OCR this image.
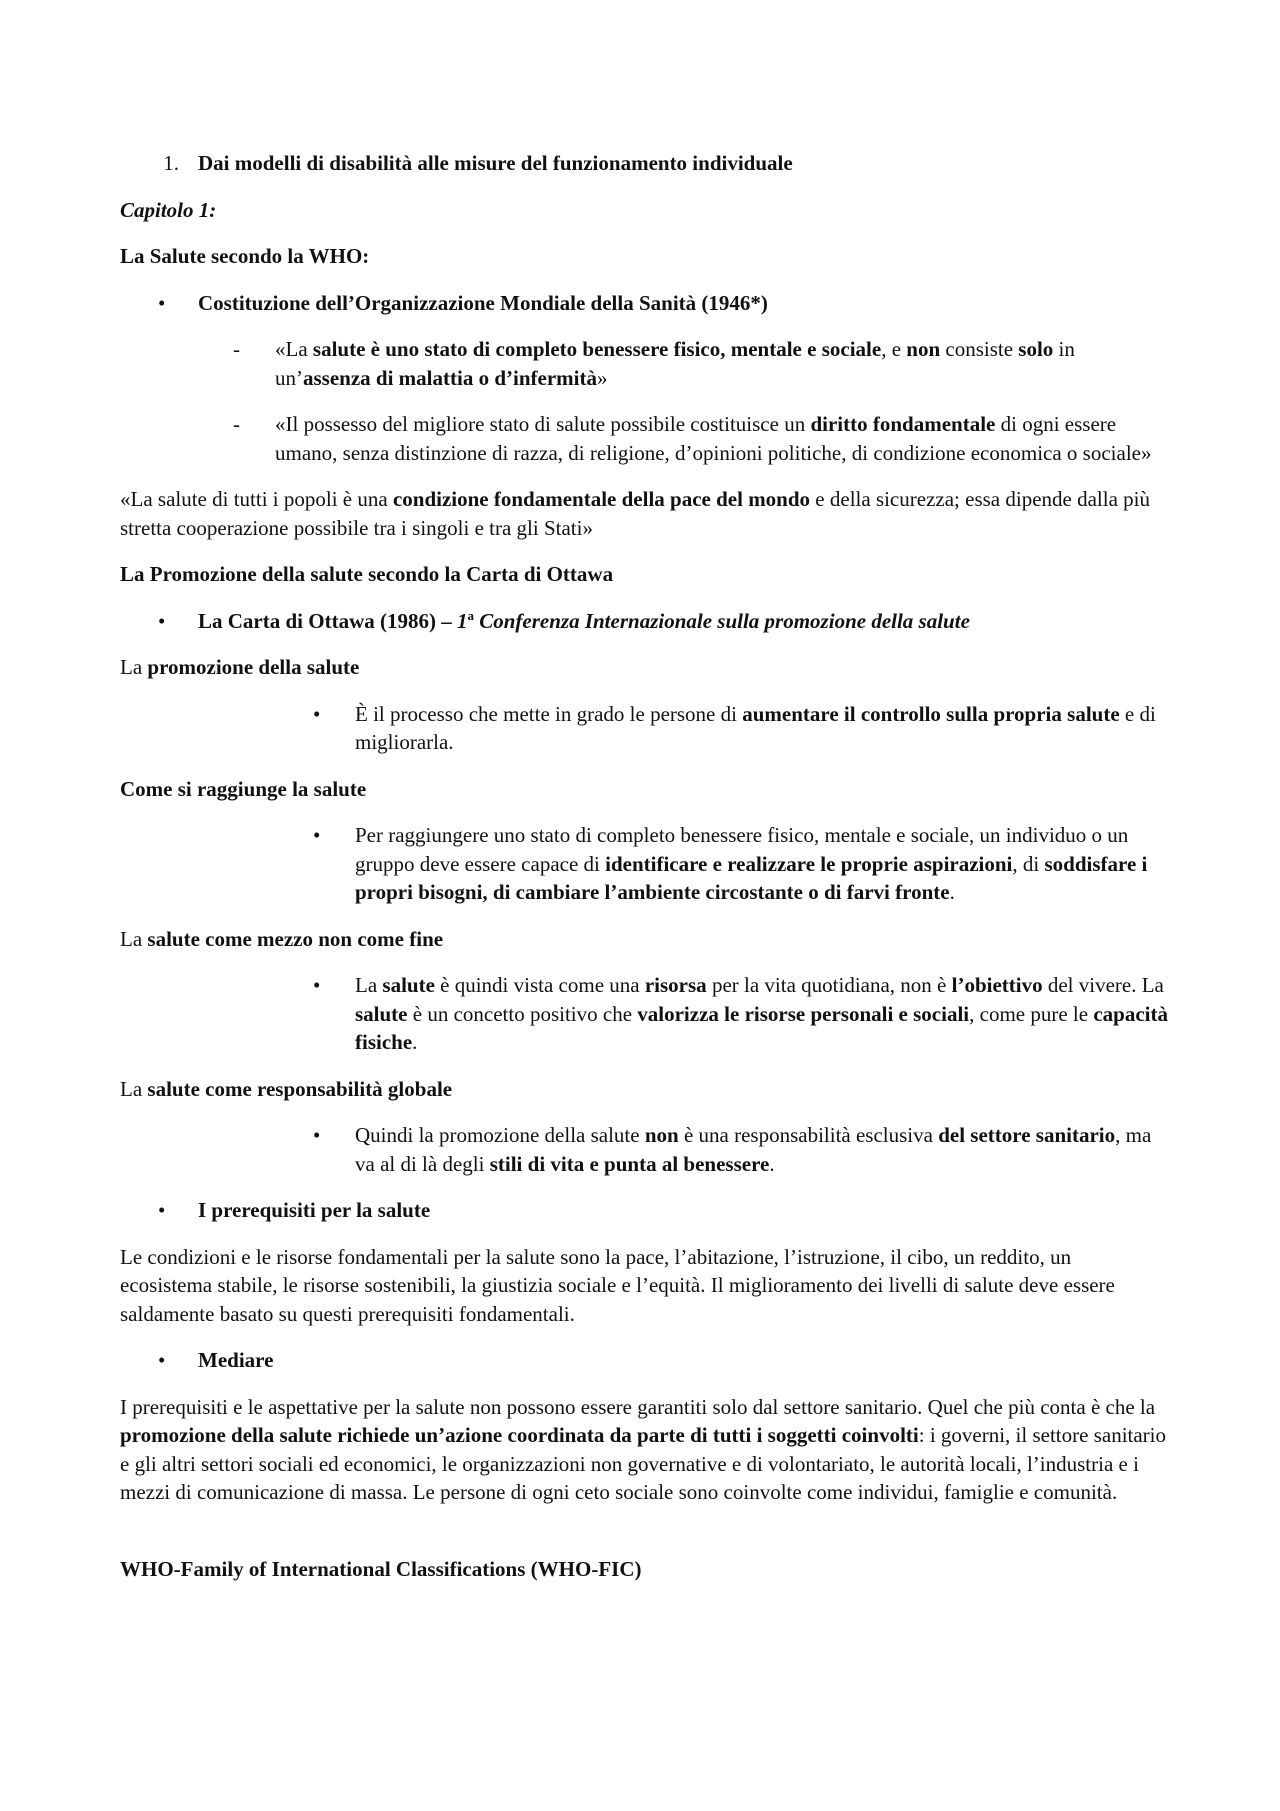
1. Dai modelli di disabilità alle misure del funzionamento individuale

Capitolo 1:

La Salute secondo la WHO:

•	Costituzione dell’Organizzazione Mondiale della Sanità (1946*)
-	«La salute è uno stato di completo benessere fisico, mentale e sociale, e non consiste solo in un’assenza di malattia o d’infermità»

-	«Il possesso del migliore stato di salute possibile costituisce un diritto fondamentale di ogni essere umano, senza distinzione di razza, di religione, d’opinioni politiche, di condizione economica o sociale»

«La salute di tutti i popoli è una condizione fondamentale della pace del mondo e della sicurezza; essa dipende dalla più stretta cooperazione possibile tra i singoli e tra gli Stati»

La Promozione della salute secondo la Carta di Ottawa

•	La Carta di Ottawa (1986) – 1$^a$ Conferenza Internazionale sulla promozione della salute

La promozione della salute

•	È il processo che mette in grado le persone di aumentare il controllo sulla propria salute e di migliorarla.

Come si raggiunge la salute

•	Per raggiungere uno stato di completo benessere fisico, mentale e sociale, un individuo o un gruppo deve essere capace di identificare e realizzare le proprie aspirazioni, di soddisfare i propri bisogni, di cambiare l’ambiente circostante o di farvi fronte.

La salute come mezzo non come fine

•	La salute è quindi vista come una risorsa per la vita quotidiana, non è l’obiettivo del vivere. La salute è un concetto positivo che valorizza le risorse personali e sociali, come pure le capacità fisiche.

La salute come responsabilità globale

•	Quindi la promozione della salute non è una responsabilità esclusiva del settore sanitario, ma va al di là degli stili di vita e punta al benessere.

•	I prerequisiti per la salute

Le condizioni e le risorse fondamentali per la salute sono la pace, l’abitazione, l’istruzione, il cibo, un reddito, un ecosistema stabile, le risorse sostenibili, la giustizia sociale e l’equità. Il miglioramento dei livelli di salute deve essere saldamente basato su questi prerequisiti fondamentali.

•	Mediare

I prerequisiti e le aspettative per la salute non possono essere garantiti solo dal settore sanitario. Quel che più conta è che la promozione della salute richiede un’azione coordinata da parte di tutti i soggetti coinvolti: i governi, il settore sanitario e gli altri settori sociali ed economici, le organizzazioni non governative e di volontariato, le autorità locali, l’industria e i mezzi di comunicazione di massa. Le persone di ogni ceto sociale sono coinvolte come individui, famiglie e comunità.

WHO-Family of International Classifications (WHO-FIC)
